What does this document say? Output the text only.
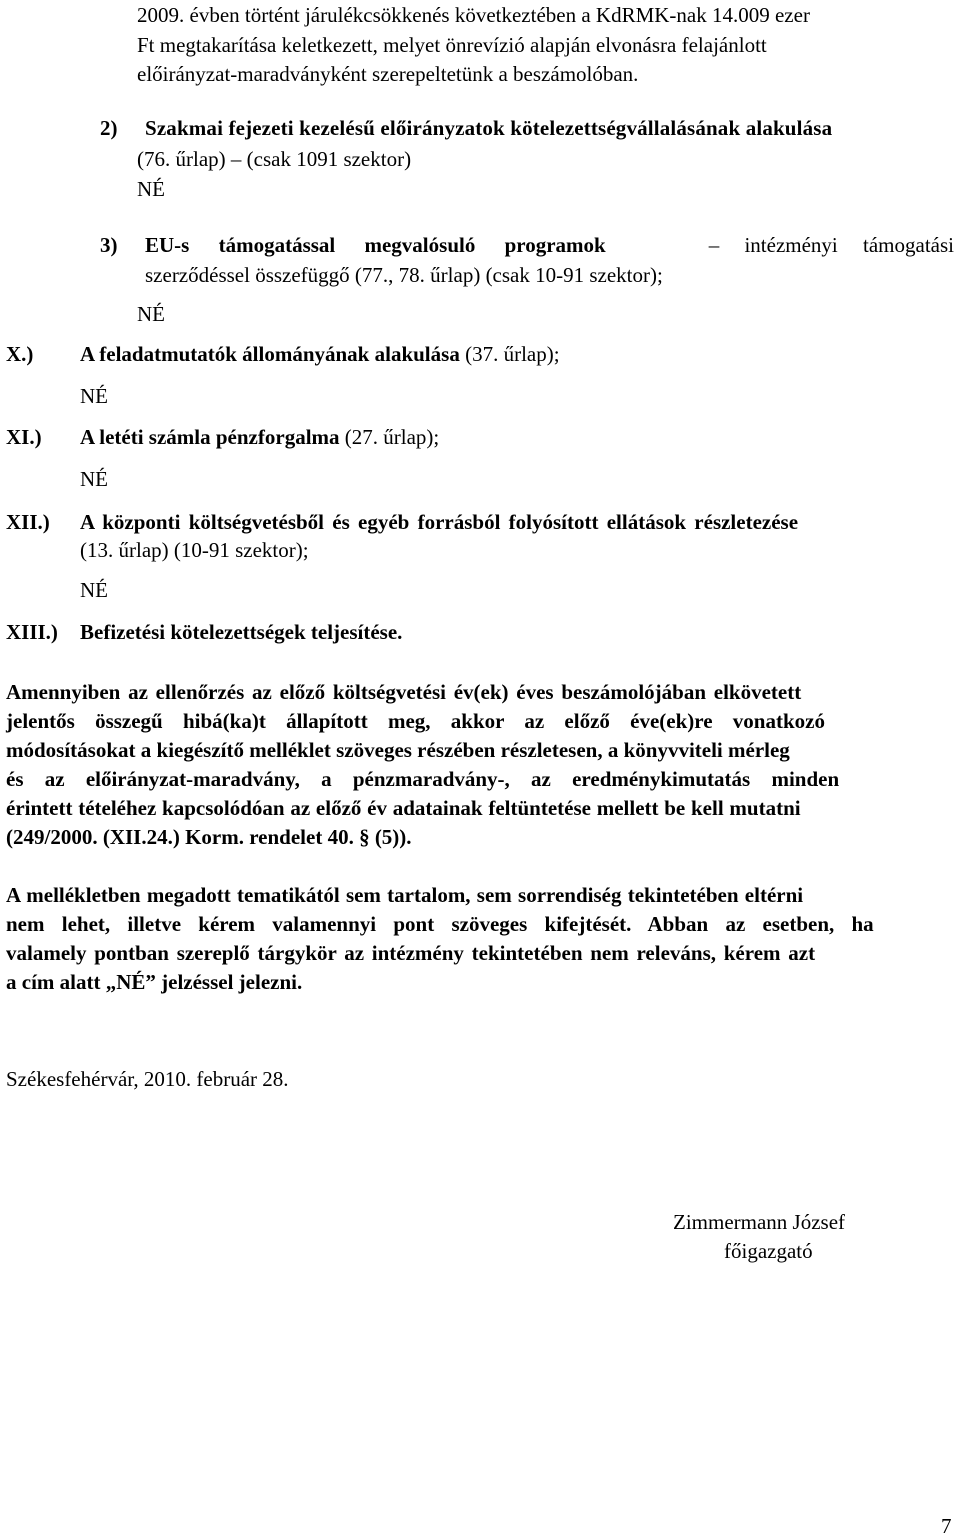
2009. évben történt járulékcsökkenés következtében a KdRMK-nak 14.009 ezer
Ft megtakarítása keletkezett, melyet önrevízió alapján elvonásra felajánlott
előirányzat-maradványként szerepeltetünk a beszámolóban.
2) Szakmai fejezeti kezelésű előirányzatok kötelezettségvállalásának alakulása
(76. űrlap) – (csak 1091 szektor)
NÉ
3)	EU-s támogatással megvalósuló programok	– intézményi támogatási
szerződéssel összefüggő (77., 78. űrlap) (csak 10-91 szektor);
NÉ
X.) A feladatmutatók állományának alakulása (37. űrlap);
NÉ
XI.) A letéti számla pénzforgalma (27. űrlap);
NÉ
XII.) A központi költségvetésből és egyéb forrásból folyósított ellátások részletezése
(13. űrlap) (10-91 szektor);
NÉ
XIII.) Befizetési kötelezettségek teljesítése.
Amennyiben az ellenőrzés az előző költségvetési év(ek) éves beszámolójában elkövetett
jelentős összegű hibá(ka)t állapított meg, akkor az előző éve(ek)re vonatkozó
módosításokat a kiegészítő melléklet szöveges részében részletesen, a könyvviteli mérleg
és az előirányzat-maradvány, a pénzmaradvány-, az eredménykimutatás minden
érintett tételéhez kapcsolódóan az előző év adatainak feltüntetése mellett be kell mutatni
(249/2000. (XII.24.) Korm. rendelet 40. § (5)).
A mellékletben megadott tematikától sem tartalom, sem sorrendiség tekintetében eltérni
nem lehet, illetve kérem valamennyi pont szöveges kifejtését. Abban az esetben, ha
valamely pontban szereplő tárgykör az intézmény tekintetében nem releváns, kérem azt
a cím alatt „NÉ” jelzéssel jelezni.
Székesfehérvár, 2010. február 28.
Zimmermann József
főigazgató
7
